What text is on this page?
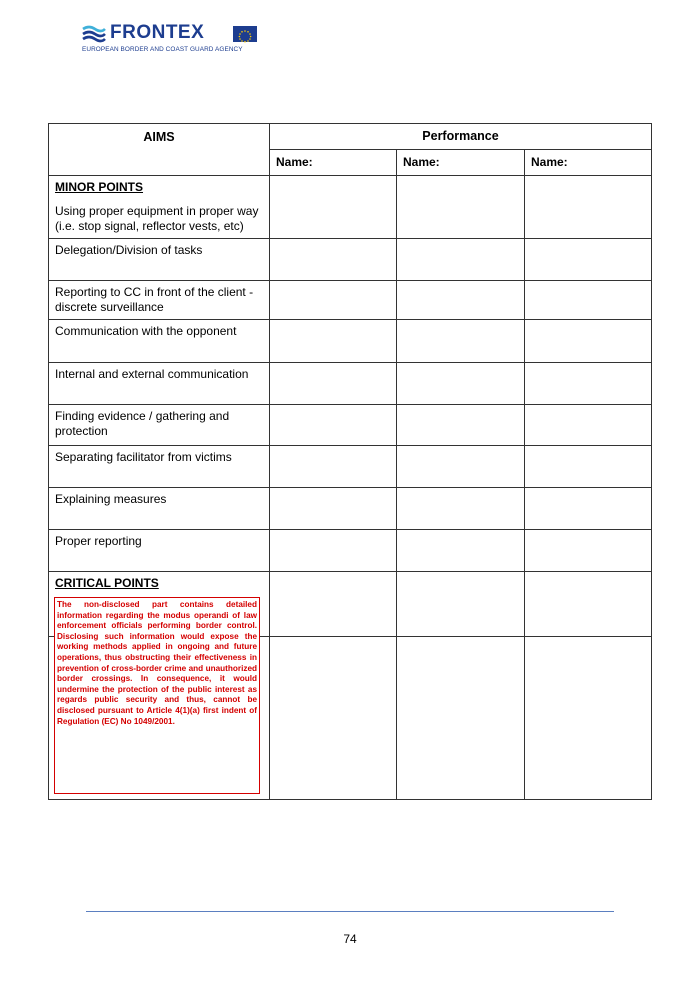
FRONTEX
EUROPEAN BORDER AND COAST GUARD AGENCY
AIMS	Performance		
	Name:	Name:	Name:

MINOR POINTS
Using proper equipment in proper way (i.e. stop signal, reflector vests, etc)			

Delegation/Division of tasks			

Reporting to CC in front of the client - discrete surveillance			

Communication with the opponent			

Internal and external communication			

Finding evidence / gathering and protection			

Separating facilitator from victims			

Explaining measures			

Proper reporting			

CRITICAL POINTS			

The non-disclosed part contains detailed information regarding the modus operandi of law enforcement officials performing border control. Disclosing such information would expose the working methods applied in ongoing and future operations, thus obstructing their effectiveness in prevention of cross-border crime and unauthorized border crossings. In consequence, it would undermine the protection of the public interest as regards public security and thus, cannot be disclosed pursuant to Article 4(1)(a) first indent of Regulation (EC) No 1049/2001.

74
